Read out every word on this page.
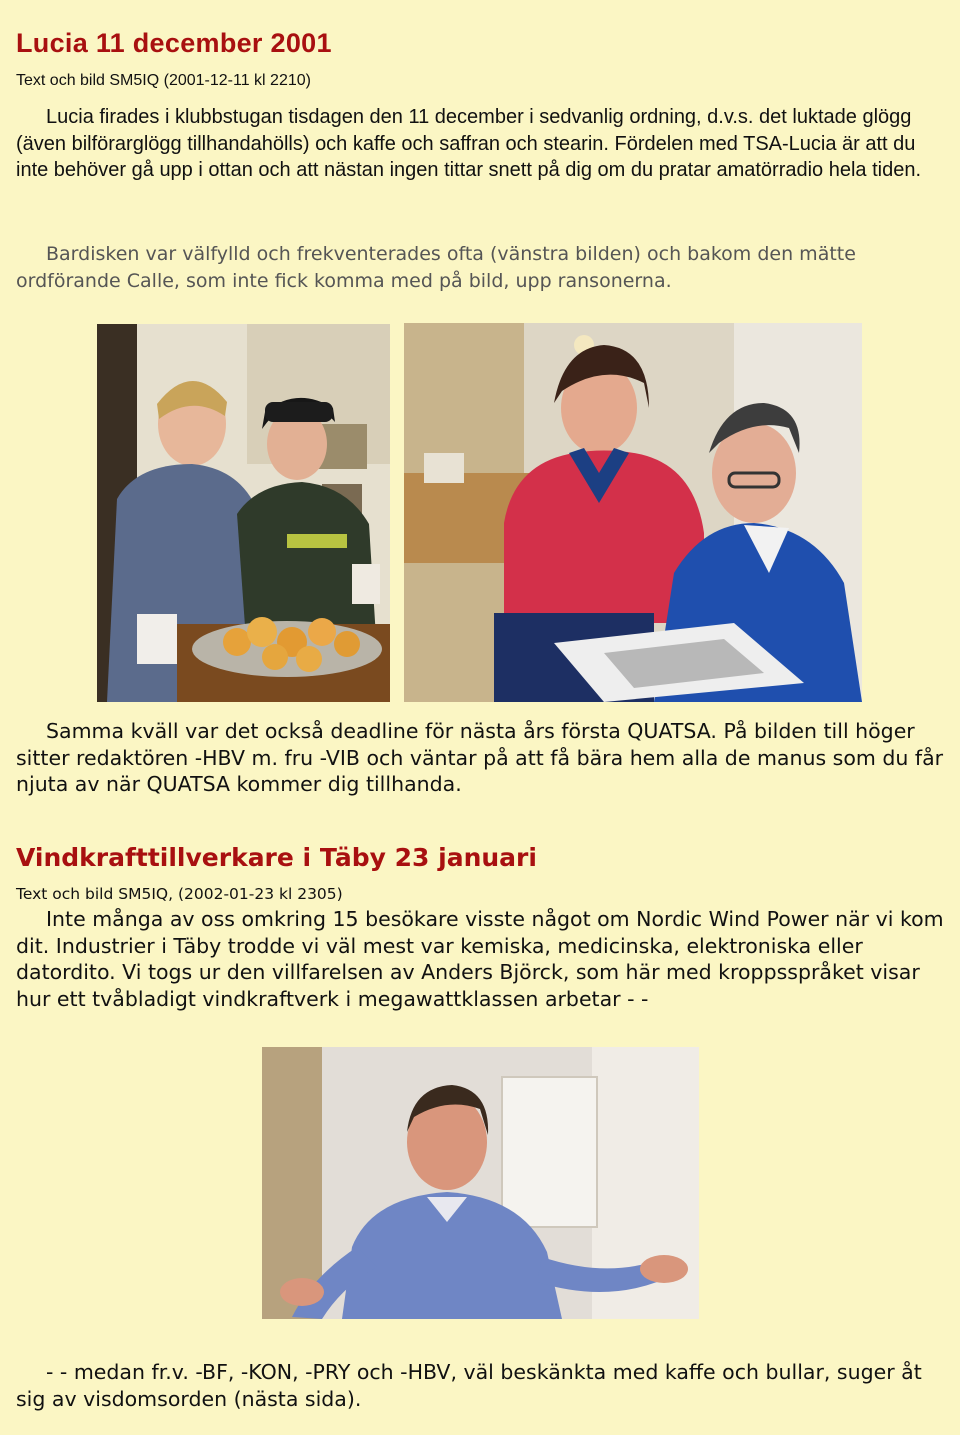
Lucia 11 december 2001
Text och bild SM5IQ (2001-12-11 kl 2210)

Lucia firades i klubbstugan tisdagen den 11 december i sedvanlig ordning, d.v.s. det luktade glögg (även bilförarglögg tillhandahölls) och kaffe och saffran och stearin. Fördelen med TSA-Lucia är att du inte behöver gå upp i ottan och att nästan ingen tittar snett på dig om du pratar amatörradio hela tiden.

Bardisken var välfylld och frekventerades ofta (vänstra bilden) och bakom den mätte ordförande Calle, som inte fick komma med på bild, upp ransonerna.

Samma kväll var det också deadline för nästa års första QUATSA. På bilden till höger sitter redaktören -HBV m. fru -VIB och väntar på att få bära hem alla de manus som du får njuta av när QUATSA kommer dig tillhanda.

Vindkrafttillverkare i Täby 23 januari
Text och bild SM5IQ, (2002-01-23 kl 2305)

Inte många av oss omkring 15 besökare visste något om Nordic Wind Power när vi kom dit. Industrier i Täby trodde vi väl mest var kemiska, medicinska, elektroniska eller datordito. Vi togs ur den villfarelsen av Anders Björck, som här med kroppsspråket visar hur ett tvåbladigt vindkraftverk i megawattklassen arbetar - -

- - medan fr.v. -BF, -KON, -PRY och -HBV, väl beskänkta med kaffe och bullar, suger åt sig av visdomsorden (nästa sida).
